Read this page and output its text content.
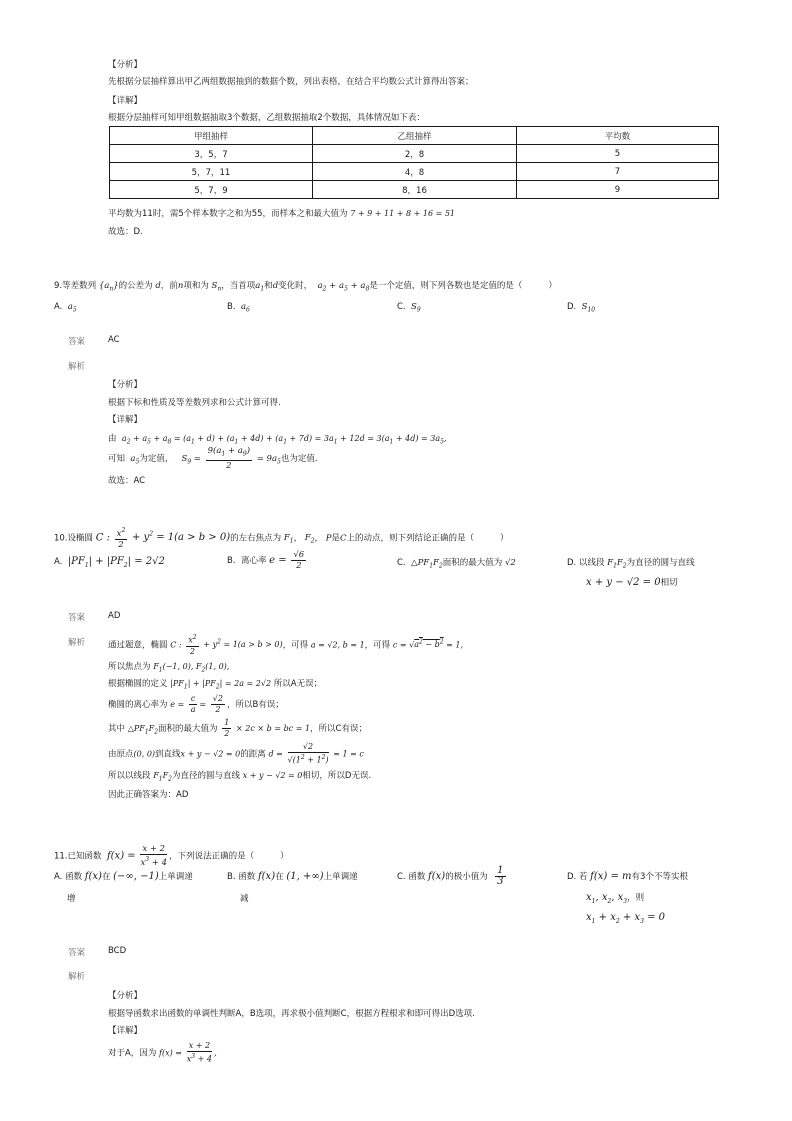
【分析】
先根据分层抽样算出甲乙两组数据抽到的数据个数，列出表格，在结合平均数公式计算得出答案；
【详解】
根据分层抽样可知甲组数据抽取3个数据，乙组数据抽取2个数据，具体情况如下表：
甲组抽样	乙组抽样	平均数
3，5，7	2，8	5
5，7，11	4，8	7
5，7，9	8，16	9
平均数为11时，需5个样本数字之和为55，而样本之和最大值为 7 + 9 + 11 + 8 + 16 = 51
故选：D.
9.等差数列 $\{a_n\}$的公差为 d，前n项和为 $S_n$，当首项$a_1$和d变化时， $a_2 + a_5 + a_8$是一个定值，则下列各数也是定值的是（	）
A. $a_5$	B. $a_6$	C. $S_9$	D. $S_{10}$
答案	AC
解析
【分析】
根据下标和性质及等差数列求和公式计算可得.
【详解】
由 $a_2 + a_5 + a_8 = (a_1 + d) + (a_1 + 4d) + (a_1 + 7d) = 3a_1 + 12d = 3(a_1 + 4d) = 3a_5$,
可知 $a_5$为定值， $S_9 = \frac{9(a_1 + a_9)}{2} = 9a_5$也为定值.
故选：AC
10.设椭圆 C : $\frac{x^2}{2} + y^2 = 1(a > b > 0)$的左右焦点为 $F_1$， $F_2$， P是C上的动点，则下列结论正确的是（	）
A. $|PF_1| + |PF_2| = 2√2$	B. 离心率 $e = \frac{√6}{2}$	C. $\triangle PF_1F_2$面积的最大值为 √2	D. 以线段 $F_1F_2$为直径的圆与直线
x + y − √2 = 0相切
答案	AD
解析	通过题意，椭圆 C : $\frac{x^2}{2} + y^2 = 1(a > b > 0)$，可得 a = √2, b = 1，可得 $c = √a^2 - b^2 = 1$,
所以焦点为 $F_1(-1$, 0), $F_2(1$, 0),
根据椭圆的定义 $|PF_1| + |PF_2| = 2a = 2√2$ 所以A无误；
椭圆的离心率为 $e = \frac{c}{a} = \frac{√2}{2}$ ，所以B有误；
其中 $\triangle PF_1F_2$面积的最大值为 $\frac{1}{2} \times 2c \times b$ = bc = 1，所以C有误；
由原点(0, 0)到直线x + y − √2 = 0的距离 $d = \frac{√2}{√(1^2 + 1^2)} = 1 = c$
所以以线段 $F_1F_2$为直径的圆与直线 x + y − √2 = 0相切，所以D无误.
因此正确答案为：AD
11.已知函数 $f(x) = \frac{x + 2}{x^3 + 4}$ ，下列说法正确的是（	）
A. 函数 f(x)在 (−∞, −1)上单调递
增
B. 函数 f(x)在 (1, +∞)上单调递
减
C. 函数 f(x)的极小值为 $\frac{1}{3}$	D. 若 f(x) = m有3个不等实根
$x_1$, $x_2$, $x_3$，则
$x_1 + x_2 + x_3 = 0$
答案	BCD
解析
【分析】
根据导函数求出函数的单调性判断A，B选项，再求极小值判断C，根据方程根求和即可得出D选项.
【详解】
对于A，因为 $f(x) = \frac{x + 2}{x^3 + 4}$ ,
